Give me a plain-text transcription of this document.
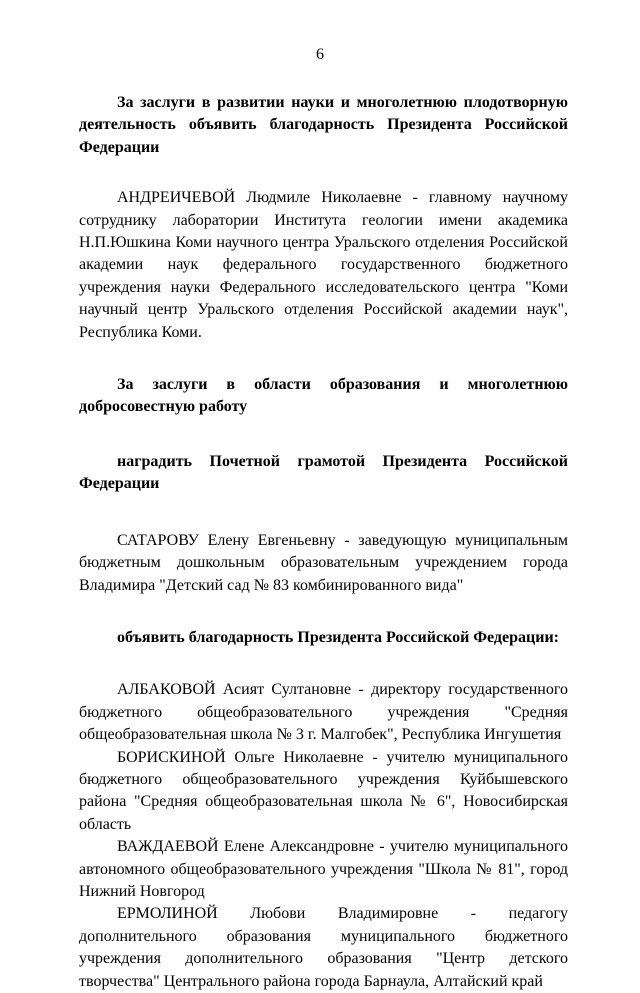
6

За заслуги в развитии науки и многолетнюю плодотворную деятельность объявить благодарность Президента Российской Федерации

АНДРЕИЧЕВОЙ Людмиле Николаевне - главному научному сотруднику лаборатории Института геологии имени академика Н.П.Юшкина Коми научного центра Уральского отделения Российской академии наук федерального государственного бюджетного учреждения науки Федерального исследовательского центра "Коми научный центр Уральского отделения Российской академии наук", Республика Коми.

За заслуги в области образования и многолетнюю добросовестную работу

наградить Почетной грамотой Президента Российской Федерации

САТАРОВУ Елену Евгеньевну - заведующую муниципальным бюджетным дошкольным образовательным учреждением города Владимира "Детский сад № 83 комбинированного вида"

объявить благодарность Президента Российской Федерации:

АЛБАКОВОЙ Асият Султановне - директору государственного бюджетного общеобразовательного учреждения "Средняя общеобразовательная школа № 3 г. Малгобек", Республика Ингушетия

БОРИСКИНОЙ Ольге Николаевне - учителю муниципального бюджетного общеобразовательного учреждения Куйбышевского района "Средняя общеобразовательная школа № 6", Новосибирская область

ВАЖДАЕВОЙ Елене Александровне - учителю муниципального автономного общеобразовательного учреждения "Школа № 81", город Нижний Новгород

ЕРМОЛИНОЙ Любови Владимировне - педагогу дополнительного образования муниципального бюджетного учреждения дополнительного образования "Центр детского творчества" Центрального района города Барнаула, Алтайский край
